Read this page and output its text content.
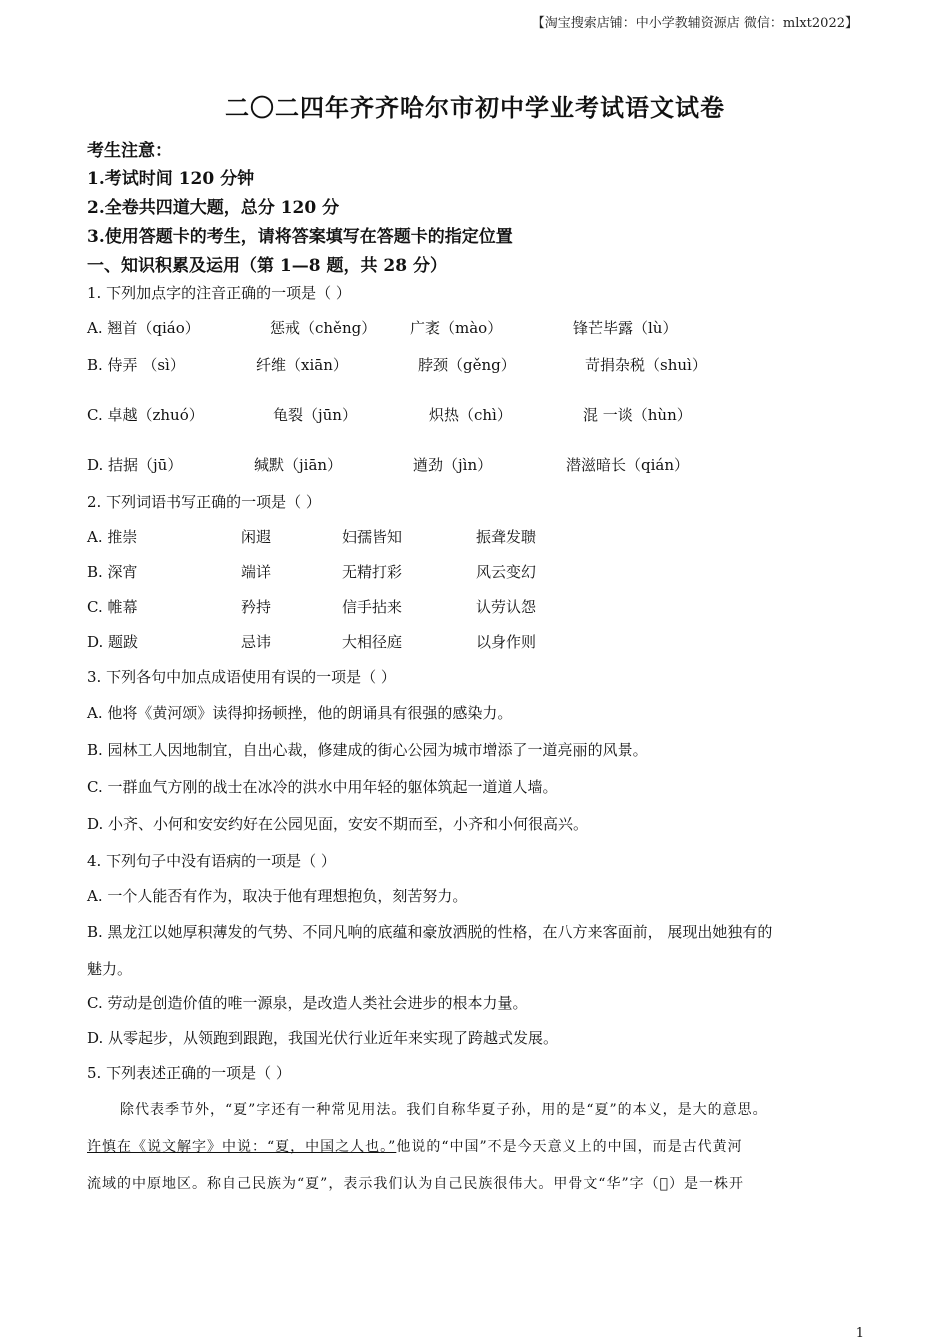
【淘宝搜索店铺：中小学教辅资源店 微信：mlxt2022】
二〇二四年齐齐哈尔市初中学业考试语文试卷
考生注意：
1.考试时间 120 分钟
2.全卷共四道大题，总分 120 分
3.使用答题卡的考生，请将答案填写在答题卡的指定位置
一、知识积累及运用（第 1—8 题，共 28 分）
1. 下列加点字的注音正确的一项是（ ）
A. 翘首（qiáo）	惩戒（chěng） 广袤（mào）	锋芒毕露（lù）
B. 侍弄 （sì）	纤维（xiān）	脖颈（gěng）	苛捐杂税（shuì）
C. 卓越（zhuó）	龟裂（jūn）	炽热（chì）	混 一谈（hùn）
D. 拮据（jū）	缄默（jiān）	遒劲（jìn）	潜滋暗长（qián）
2. 下列词语书写正确的一项是（ ）
A. 推崇	闲遐	妇孺皆知	振聋发聩
B. 深宵	端详	无精打彩	风云变幻
C. 帷幕	矜持	信手拈来	认劳认怨
D. 题跋	忌讳	大相径庭	以身作则
3. 下列各句中加点成语使用有误的一项是（ ）
A. 他将《黄河颂》读得抑扬顿挫，他的朗诵具有很强的感染力。
B. 园林工人因地制宜，自出心裁，修建成的街心公园为城市增添了一道亮丽的风景。
C. 一群血气方刚的战士在冰冷的洪水中用年轻的躯体筑起一道道人墙。
D. 小齐、小何和安安约好在公园见面，安安不期而至，小齐和小何很高兴。
4. 下列句子中没有语病的一项是（ ）
A. 一个人能否有作为，取决于他有理想抱负，刻苦努力。
B. 黑龙江以她厚积薄发的气势、不同凡响的底蕴和豪放洒脱的性格，在八方来客面前， 展现出她独有的
魅力。
C. 劳动是创造价值的唯一源泉，是改造人类社会进步的根本力量。
D. 从零起步，从领跑到跟跑，我国光伏行业近年来实现了跨越式发展。
5. 下列表述正确的一项是（ ）
除代表季节外，“夏”字还有一种常见用法。我们自称华夏子孙，用的是“夏”的本义，是大的意思。
许慎在《说文解字》中说：“夏，中国之人也。”他说的“中国”不是今天意义上的中国，而是古代黄河
流域的中原地区。称自己民族为“夏”，表示我们认为自己民族很伟大。甲骨文“华”字（𫝀）是一株开
1
